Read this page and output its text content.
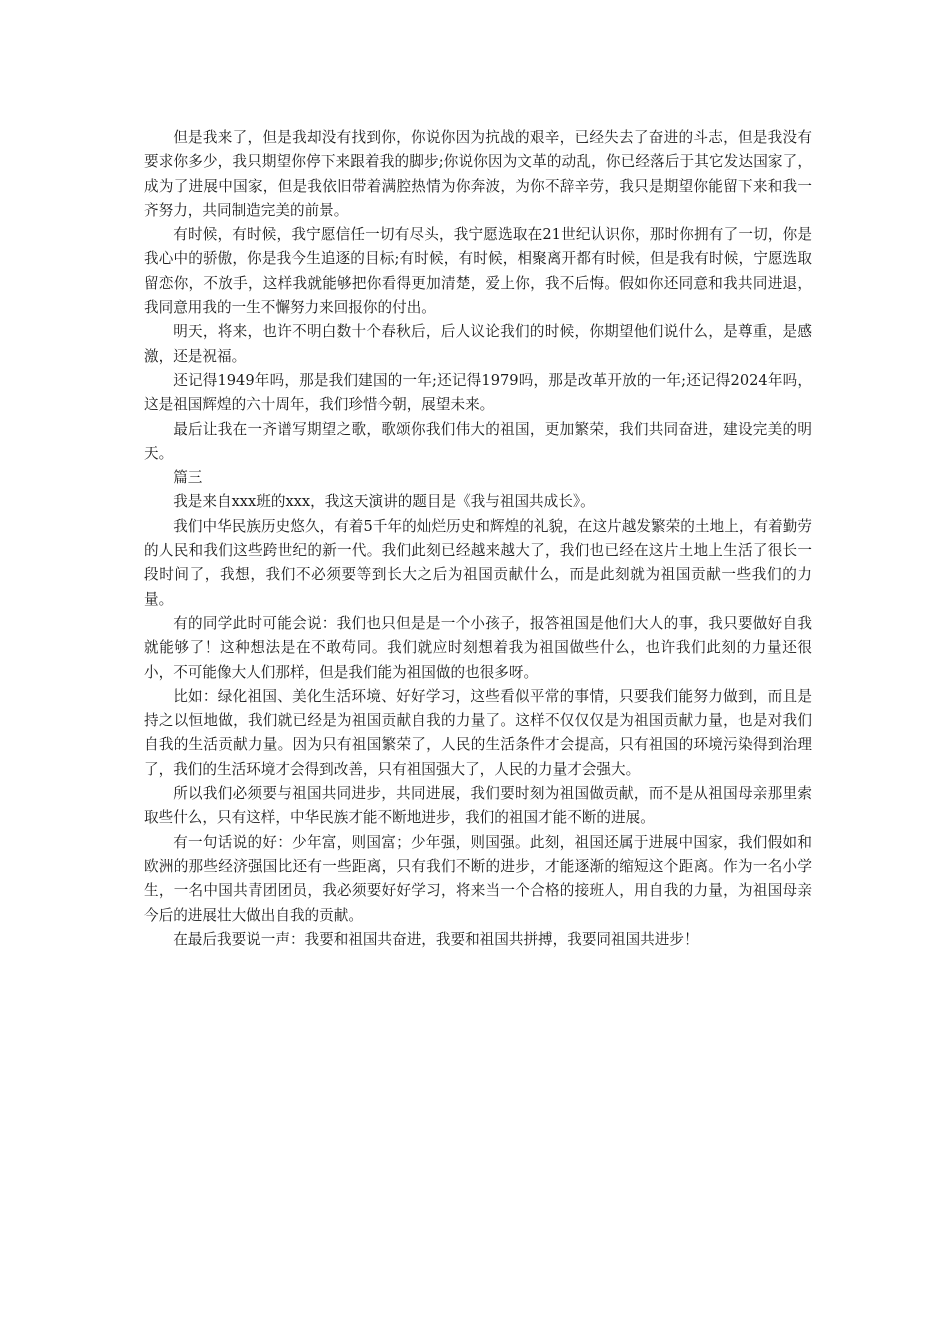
但是我来了，但是我却没有找到你，你说你因为抗战的艰辛，已经失去了奋进的斗志，但是我没有要求你多少，我只期望你停下来跟着我的脚步;你说你因为文革的动乱，你已经落后于其它发达国家了，成为了进展中国家，但是我依旧带着满腔热情为你奔波，为你不辞辛劳，我只是期望你能留下来和我一齐努力，共同制造完美的前景。

有时候，有时候，我宁愿信任一切有尽头，我宁愿选取在21世纪认识你，那时你拥有了一切，你是我心中的骄傲，你是我今生追逐的目标;有时候，有时候，相聚离开都有时候，但是我有时候，宁愿选取留恋你，不放手，这样我就能够把你看得更加清楚，爱上你，我不后悔。假如你还同意和我共同进退，我同意用我的一生不懈努力来回报你的付出。

明天，将来，也许不明白数十个春秋后，后人议论我们的时候，你期望他们说什么，是尊重，是感激，还是祝福。

还记得1949年吗，那是我们建国的一年;还记得1979吗，那是改革开放的一年;还记得2024年吗，这是祖国辉煌的六十周年，我们珍惜今朝，展望未来。

最后让我在一齐谱写期望之歌，歌颂你我们伟大的祖国，更加繁荣，我们共同奋进，建设完美的明天。

篇三

我是来自xxx班的xxx，我这天演讲的题目是《我与祖国共成长》。

我们中华民族历史悠久，有着5千年的灿烂历史和辉煌的礼貌，在这片越发繁荣的土地上，有着勤劳的人民和我们这些跨世纪的新一代。我们此刻已经越来越大了，我们也已经在这片土地上生活了很长一段时间了，我想，我们不必须要等到长大之后为祖国贡献什么，而是此刻就为祖国贡献一些我们的力量。

有的同学此时可能会说：我们也只但是是一个小孩子，报答祖国是他们大人的事，我只要做好自我就能够了！这种想法是在不敢苟同。我们就应时刻想着我为祖国做些什么，也许我们此刻的力量还很小，不可能像大人们那样，但是我们能为祖国做的也很多呀。

比如：绿化祖国、美化生活环境、好好学习，这些看似平常的事情，只要我们能努力做到，而且是持之以恒地做，我们就已经是为祖国贡献自我的力量了。这样不仅仅仅是为祖国贡献力量，也是对我们自我的生活贡献力量。因为只有祖国繁荣了，人民的生活条件才会提高，只有祖国的环境污染得到治理了，我们的生活环境才会得到改善，只有祖国强大了，人民的力量才会强大。

所以我们必须要与祖国共同进步，共同进展，我们要时刻为祖国做贡献，而不是从祖国母亲那里索取些什么，只有这样，中华民族才能不断地进步，我们的祖国才能不断的进展。

有一句话说的好：少年富，则国富；少年强，则国强。此刻，祖国还属于进展中国家，我们假如和欧洲的那些经济强国比还有一些距离，只有我们不断的进步，才能逐渐的缩短这个距离。作为一名小学生，一名中国共青团团员，我必须要好好学习，将来当一个合格的接班人，用自我的力量，为祖国母亲今后的进展壮大做出自我的贡献。

在最后我要说一声：我要和祖国共奋进，我要和祖国共拼搏，我要同祖国共进步！
